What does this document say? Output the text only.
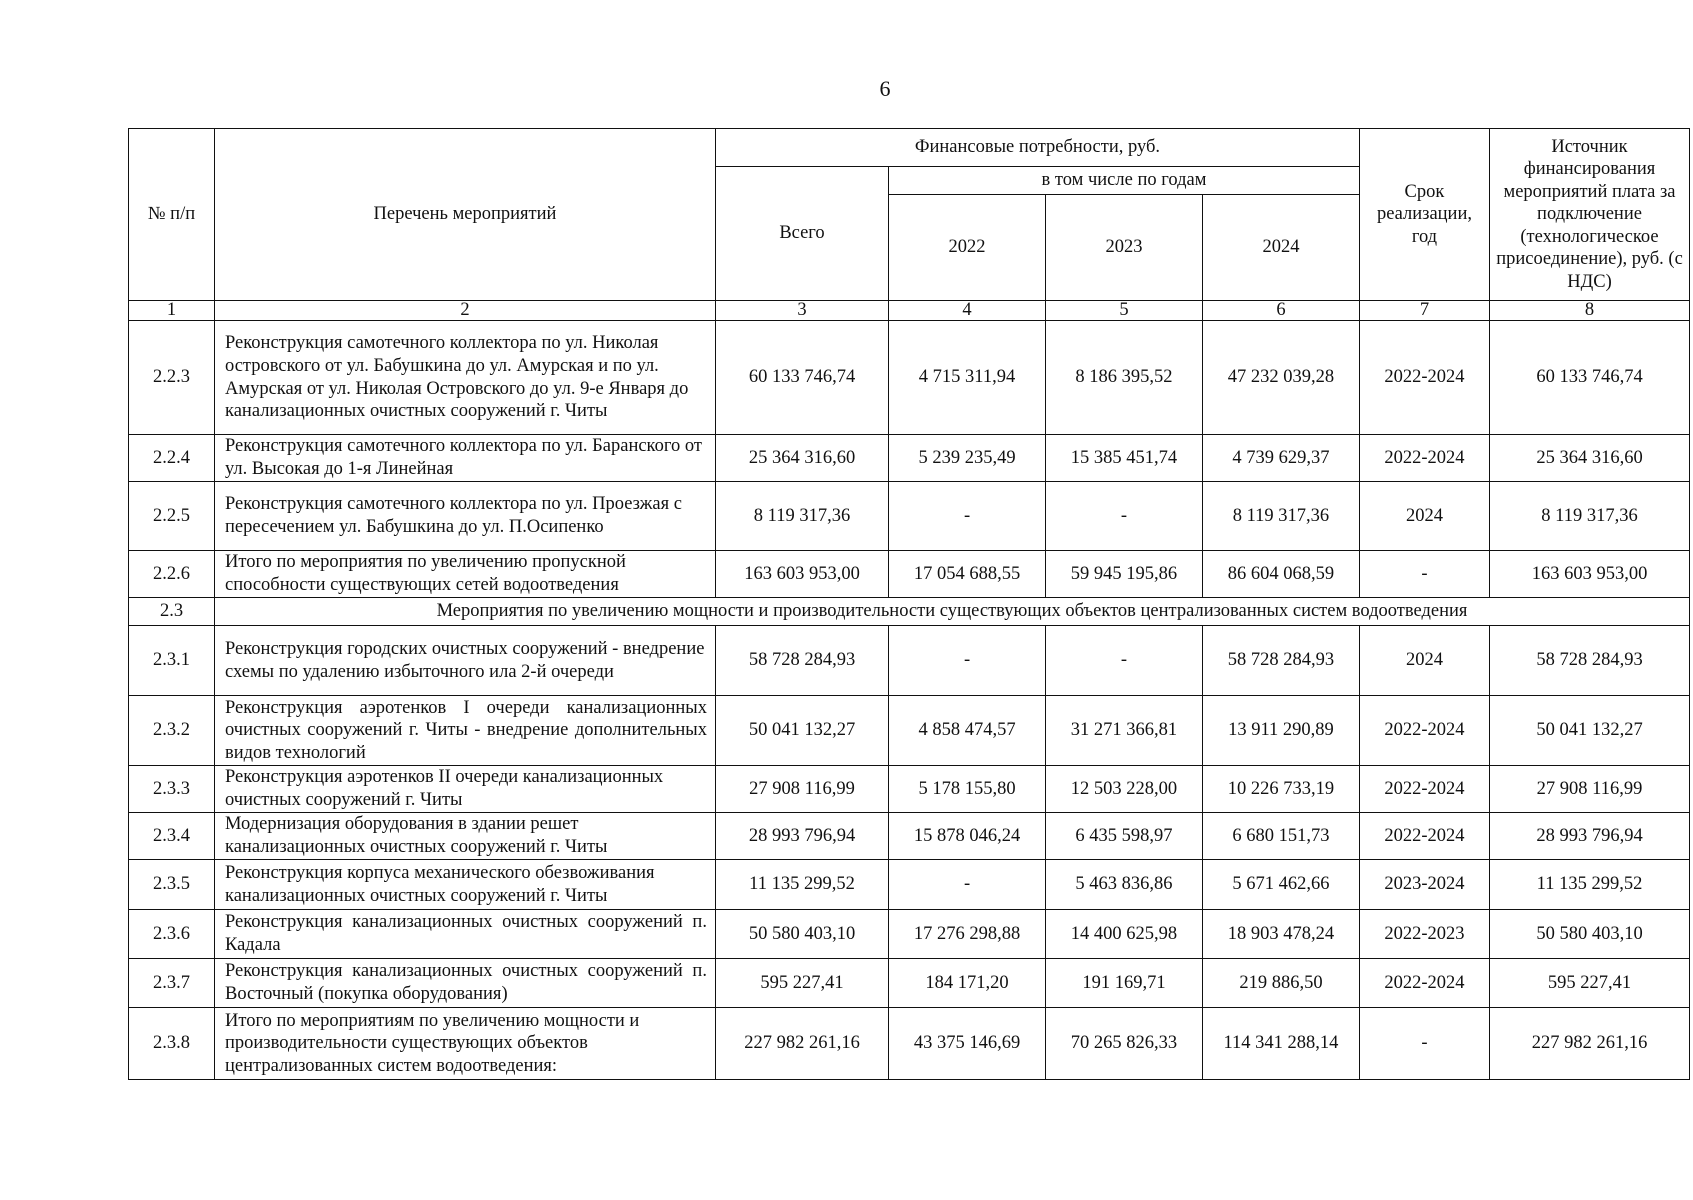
6
№ п/п	Перечень мероприятий	Финансовые потребности, руб.				Срок реализации, год	Источник финансирования мероприятий плата за подключение (технологическое присоединение), руб. (с НДС)
		Всего	в том числе по годам				
			2022	2023	2024		
1	2	3	4	5	6	7	8
2.2.3	Реконструкция самотечного коллектора по ул. Николая островского от ул. Бабушкина до ул. Амурская и по ул. Амурская от ул. Николая Островского до ул. 9-е Января до канализационных очистных сооружений г. Читы	60 133 746,74	4 715 311,94	8 186 395,52	47 232 039,28	2022-2024	60 133 746,74
2.2.4	Реконструкция самотечного коллектора по ул. Баранского от ул. Высокая до 1-я Линейная	25 364 316,60	5 239 235,49	15 385 451,74	4 739 629,37	2022-2024	25 364 316,60
2.2.5	Реконструкция самотечного коллектора по ул. Проезжая с пересечением ул. Бабушкина до ул. П.Осипенко	8 119 317,36	-	-	8 119 317,36	2024	8 119 317,36
2.2.6	Итого по мероприятия по увеличению пропускной способности существующих сетей водоотведения	163 603 953,00	17 054 688,55	59 945 195,86	86 604 068,59	-	163 603 953,00
2.3	Мероприятия по увеличению мощности и производительности существующих объектов централизованных систем водоотведения						
2.3.1	Реконструкция городских очистных сооружений - внедрение схемы по удалению избыточного ила 2-й очереди	58 728 284,93	-	-	58 728 284,93	2024	58 728 284,93
2.3.2	Реконструкция аэротенков I очереди канализационных очистных сооружений г. Читы - внедрение дополнительных видов технологий	50 041 132,27	4 858 474,57	31 271 366,81	13 911 290,89	2022-2024	50 041 132,27
2.3.3	Реконструкция аэротенков II очереди канализационных очистных сооружений г. Читы	27 908 116,99	5 178 155,80	12 503 228,00	10 226 733,19	2022-2024	27 908 116,99
2.3.4	Модернизация оборудования в здании решет канализационных очистных сооружений г. Читы	28 993 796,94	15 878 046,24	6 435 598,97	6 680 151,73	2022-2024	28 993 796,94
2.3.5	Реконструкция корпуса механического обезвоживания канализационных очистных сооружений г. Читы	11 135 299,52	-	5 463 836,86	5 671 462,66	2023-2024	11 135 299,52
2.3.6	Реконструкция канализационных очистных сооружений п. Кадала	50 580 403,10	17 276 298,88	14 400 625,98	18 903 478,24	2022-2023	50 580 403,10
2.3.7	Реконструкция канализационных очистных сооружений п. Восточный (покупка оборудования)	595 227,41	184 171,20	191 169,71	219 886,50	2022-2024	595 227,41
2.3.8	Итого по мероприятиям по увеличению мощности и производительности существующих объектов централизованных систем водоотведения:	227 982 261,16	43 375 146,69	70 265 826,33	114 341 288,14	-	227 982 261,16
